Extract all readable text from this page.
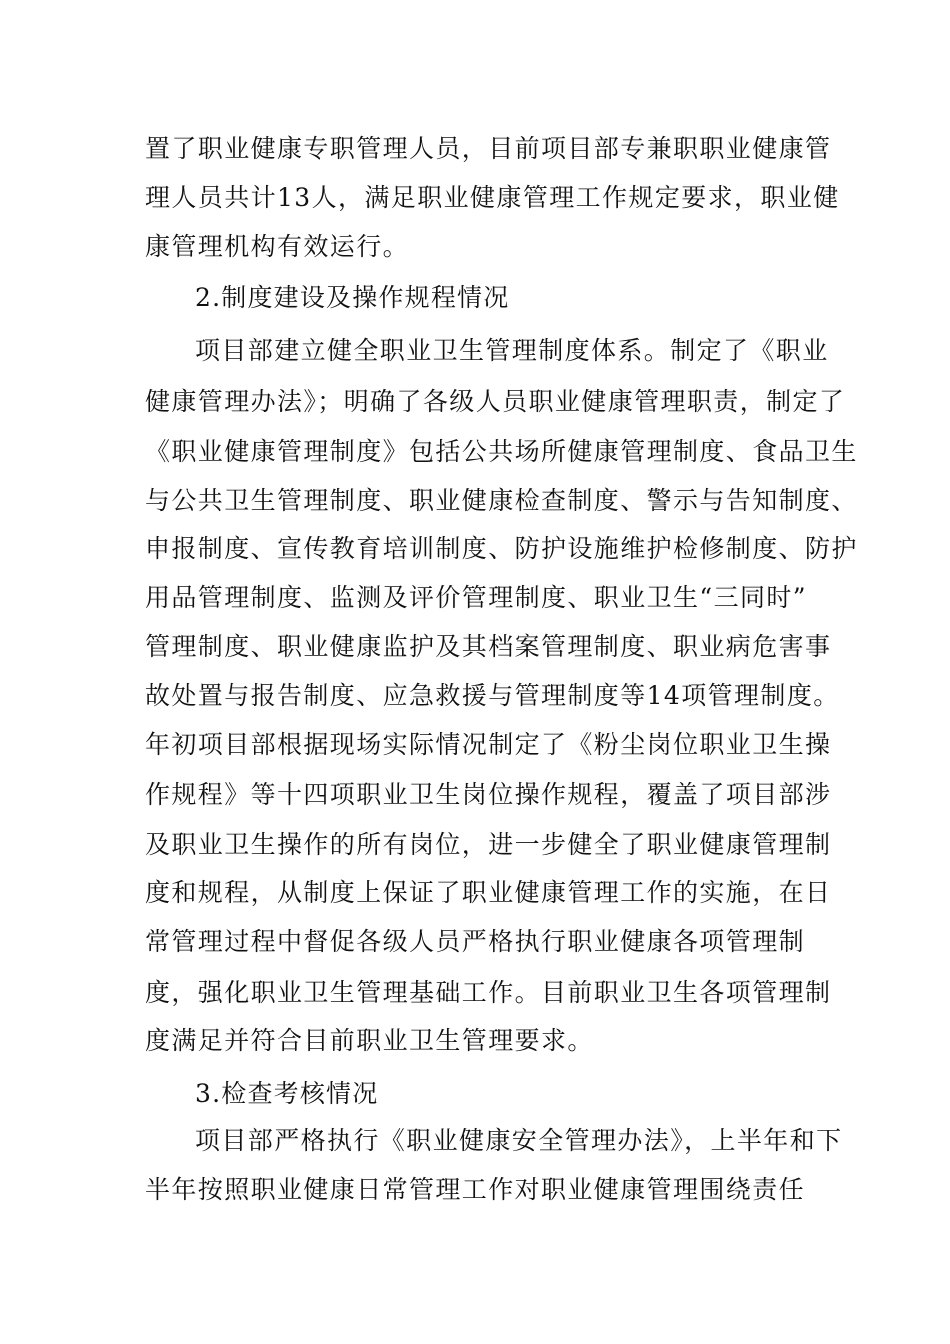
置了职业健康专职管理人员，目前项目部专兼职职业健康管
理人员共计13人，满足职业健康管理工作规定要求，职业健
康管理机构有效运行。
2.制度建设及操作规程情况
项目部建立健全职业卫生管理制度体系。制定了《职业
健康管理办法》；明确了各级人员职业健康管理职责，制定了
《职业健康管理制度》包括公共场所健康管理制度、食品卫生
与公共卫生管理制度、职业健康检查制度、警示与告知制度、
申报制度、宣传教育培训制度、防护设施维护检修制度、防护
用品管理制度、监测及评价管理制度、职业卫生“三同时”
管理制度、职业健康监护及其档案管理制度、职业病危害事
故处置与报告制度、应急救援与管理制度等14项管理制度。
年初项目部根据现场实际情况制定了《粉尘岗位职业卫生操
作规程》等十四项职业卫生岗位操作规程，覆盖了项目部涉
及职业卫生操作的所有岗位，进一步健全了职业健康管理制
度和规程，从制度上保证了职业健康管理工作的实施，在日
常管理过程中督促各级人员严格执行职业健康各项管理制
度，强化职业卫生管理基础工作。目前职业卫生各项管理制
度满足并符合目前职业卫生管理要求。
3.检查考核情况
项目部严格执行《职业健康安全管理办法》，上半年和下
半年按照职业健康日常管理工作对职业健康管理围绕责任
